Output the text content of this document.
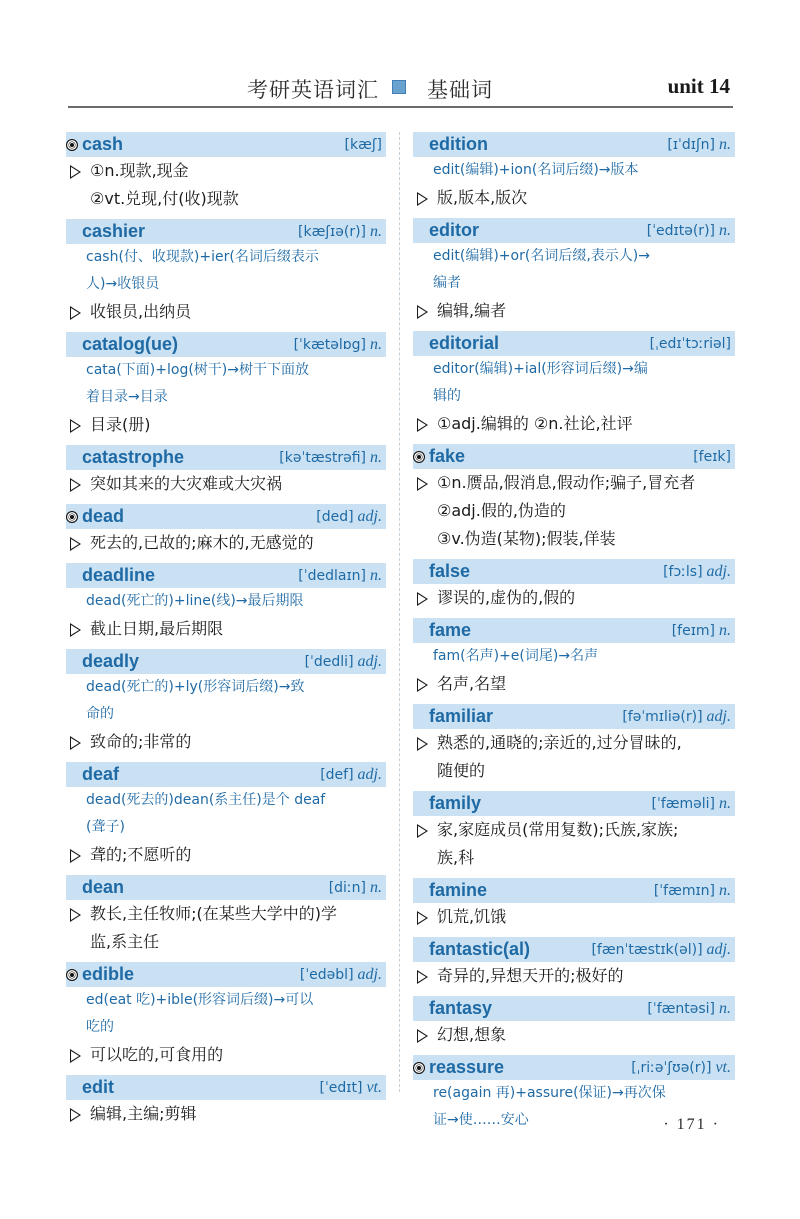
考研英语词汇 基础词	unit 14
cash	[kæʃ]

①n.现款,现金
②vt.兑现,付(收)现款

cashier	[kæʃɪə(r)] n.

cash(付、收现款)+ier(名词后缀表示
人)→收银员

收银员,出纳员

catalog(ue)	[ˈkætəlɒg] n.

cata(下面)+log(树干)→树干下面放
着目录→目录

目录(册)

catastrophe	[kəˈtæstrəfi] n.

突如其来的大灾难或大灾祸

dead	[ded] adj.

死去的,已故的;麻木的,无感觉的

deadline	[ˈdedlaɪn] n.

dead(死亡的)+line(线)→最后期限

截止日期,最后期限

deadly	[ˈdedli] adj.

dead(死亡的)+ly(形容词后缀)→致
命的

致命的;非常的

deaf	[def] adj.

dead(死去的)dean(系主任)是个 deaf
(聋子)

聋的;不愿听的

dean	[diːn] n.

教长,主任牧师;(在某些大学中的)学
监,系主任

edible	[ˈedəbl] adj.

ed(eat 吃)+ible(形容词后缀)→可以
吃的

可以吃的,可食用的

edit	[ˈedɪt] vt.

编辑,主编;剪辑

edition	[ɪˈdɪʃn] n.

edit(编辑)+ion(名词后缀)→版本

版,版本,版次

editor	[ˈedɪtə(r)] n.

edit(编辑)+or(名词后缀,表示人)→
编者

编辑,编者

editorial	[ˌedɪˈtɔːriəl]

editor(编辑)+ial(形容词后缀)→编
辑的

①adj.编辑的 ②n.社论,社评

fake	[feɪk]

①n.赝品,假消息,假动作;骗子,冒充者
②adj.假的,伪造的
③v.伪造(某物);假装,佯装

false	[fɔːls] adj.

谬误的,虚伪的,假的

fame	[feɪm] n.

fam(名声)+e(词尾)→名声

名声,名望

familiar	[fəˈmɪliə(r)] adj.

熟悉的,通晓的;亲近的,过分冒昧的,
随便的

family	[ˈfæməli] n.

家,家庭成员(常用复数);氏族,家族;
族,科

famine	[ˈfæmɪn] n.

饥荒,饥饿

fantastic(al)	[fænˈtæstɪk(əl)] adj.

奇异的,异想天开的;极好的

fantasy	[ˈfæntəsi] n.

幻想,想象

reassure	[ˌriːəˈʃʊə(r)] vt.

re(again 再)+assure(保证)→再次保
证→使……安心	· 171 ·
